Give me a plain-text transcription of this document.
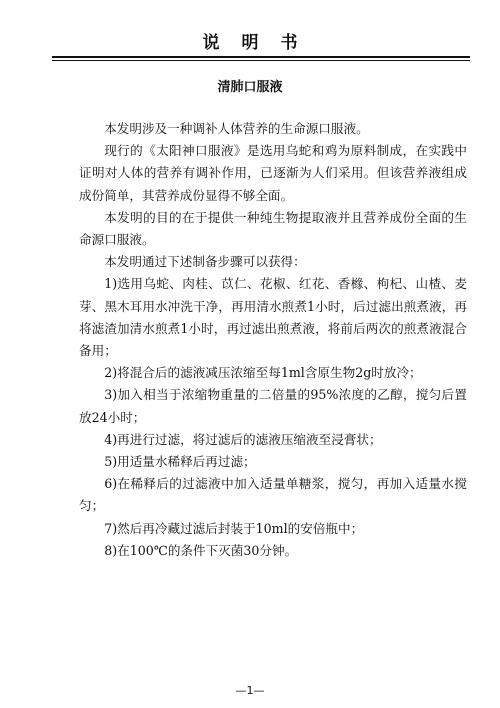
说明书
清肺口服液

本发明涉及一种调补人体营养的生命源口服液。

现行的《太阳神口服液》是选用乌蛇和鸡为原料制成，在实践中证明对人体的营养有调补作用，已逐渐为人们采用。但该营养液组成成份简单，其营养成份显得不够全面。

本发明的目的在于提供一种纯生物提取液并且营养成份全面的生命源口服液。

本发明通过下述制备步骤可以获得：

1)选用乌蛇、肉桂、苡仁、花椒、红花、香橼、枸杞、山楂、麦芽、黑木耳用水冲洗干净，再用清水煎煮1小时，后过滤出煎煮液，再将滤渣加清水煎煮1小时，再过滤出煎煮液，将前后两次的煎煮液混合备用；

2)将混合后的滤液减压浓缩至每1ml含原生物2g时放冷；

3)加入相当于浓缩物重量的二倍量的95%浓度的乙醇，搅匀后置放24小时；

4)再进行过滤，将过滤后的滤液压缩液至浸膏状；

5)用适量水稀释后再过滤；

6)在稀释后的过滤液中加入适量单糖浆，搅匀，再加入适量水搅匀；

7)然后再冷藏过滤后封装于10ml的安倍瓶中；

8)在100℃的条件下灭菌30分钟。

—1—
